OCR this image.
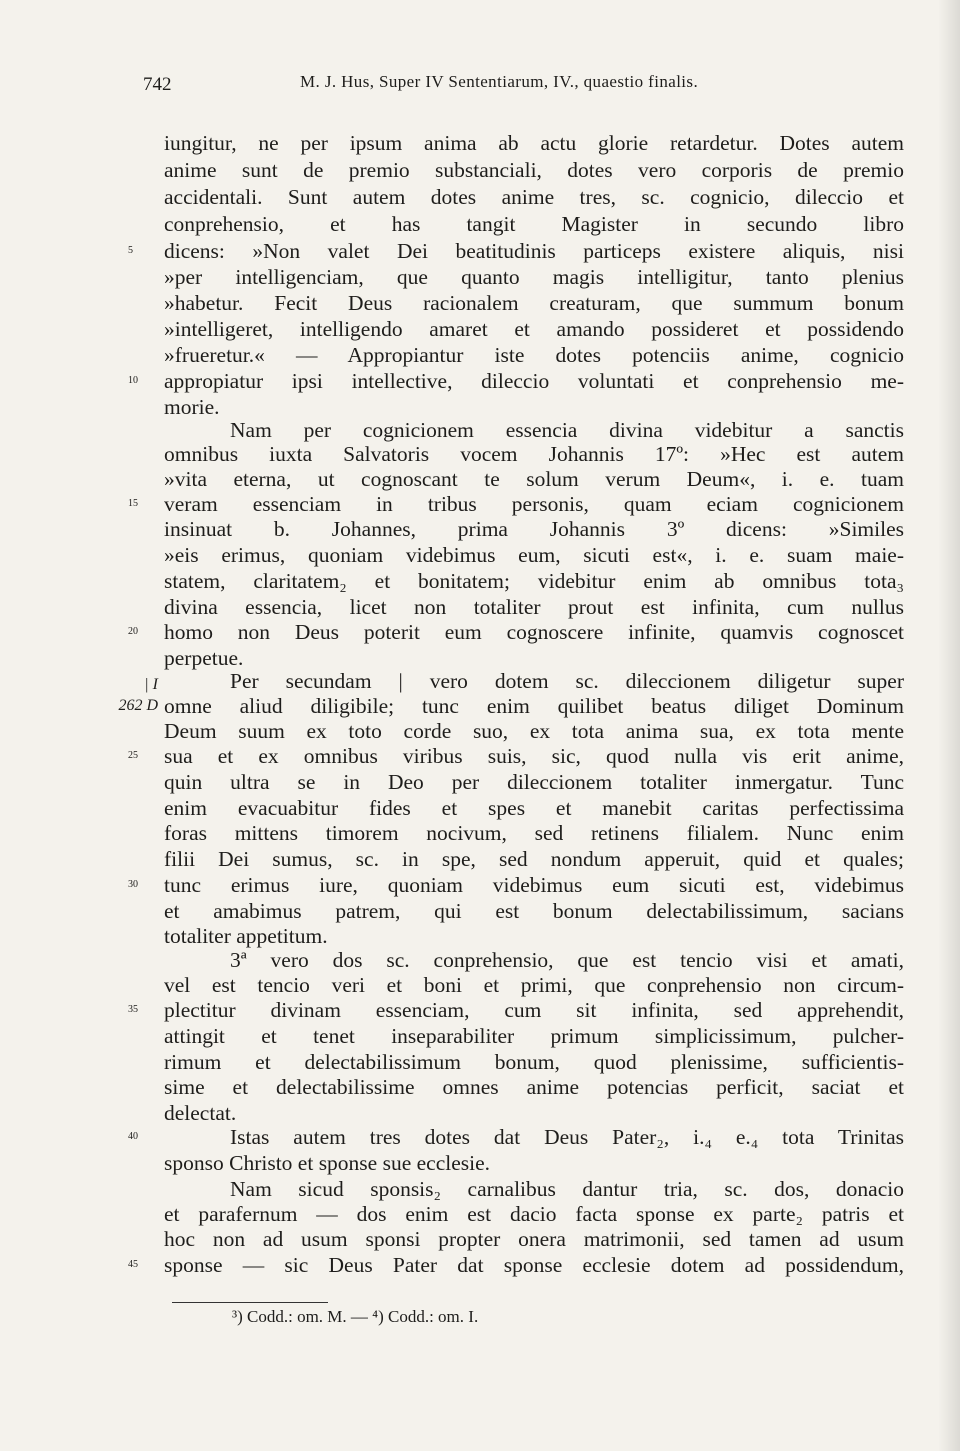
742	M. J. Hus, Super IV Sententiarum, IV., quaestio finalis.
iungitur, ne per ipsum anima ab actu glorie retardetur. Dotes autem
anime sunt de premio substanciali, dotes vero corporis de premio
accidentali. Sunt autem dotes anime tres, sc. cognicio, dileccio et
conprehensio, et has tangit Magister in secundo libro
dicens: »Non valet Dei beatitudinis particeps existere aliquis, nisi
»per intelligenciam, que quanto magis intelligitur, tanto plenius
»habetur. Fecit Deus racionalem creaturam, que summum bonum
»intelligeret, intelligendo amaret et amando possideret et possidendo
»frueretur.« — Appropiantur iste dotes potenciis anime, cognicio
appropiatur ipsi intellective, dileccio voluntati et conprehensio me-
morie.
Nam per cognicionem essencia divina videbitur a sanctis
omnibus iuxta Salvatoris vocem Johannis 17º: »Hec est autem
»vita eterna, ut cognoscant te solum verum Deum«, i. e. tuam
veram essenciam in tribus personis, quam eciam cognicionem
insinuat b. Johannes, prima Johannis 3º dicens: »Similes
»eis erimus, quoniam videbimus eum, sicuti est«, i. e. suam maie-
statem, claritatem₂ et bonitatem; videbitur enim ab omnibus tota₃
divina essencia, licet non totaliter prout est infinita, cum nullus
homo non Deus poterit eum cognoscere infinite, quamvis cognoscet
perpetue.
Per secundam | vero dotem sc. dileccionem diligetur super
omne aliud diligibile; tunc enim quilibet beatus diliget Dominum
Deum suum ex toto corde suo, ex tota anima sua, ex tota mente
sua et ex omnibus viribus suis, sic, quod nulla vis erit anime,
quin ultra se in Deo per dileccionem totaliter inmergatur. Tunc
enim evacuabitur fides et spes et manebit caritas perfectissima
foras mittens timorem nocivum, sed retinens filialem. Nunc enim
filii Dei sumus, sc. in spe, sed nondum apperuit, quid et quales;
tunc erimus iure, quoniam videbimus eum sicuti est, videbimus
et amabimus patrem, qui est bonum delectabilissimum, sacians
totaliter appetitum.
3ª vero dos sc. conprehensio, que est tencio visi et amati,
vel est tencio veri et boni et primi, que conprehensio non circum-
plectitur divinam essenciam, cum sit infinita, sed apprehendit,
attingit et tenet inseparabiliter primum simplicissimum, pulcher-
rimum et delectabilissimum bonum, quod plenissime, sufficientis-
sime et delectabilissime omnes anime potencias perficit, saciat et
delectat.
Istas autem tres dotes dat Deus Pater₂, i.₄ e.₄ tota Trinitas
sponso Christo et sponse sue ecclesie.
Nam sicud sponsis₂ carnalibus dantur tria, sc. dos, donacio
et parafernum — dos enim est dacio facta sponse ex parte₂ patris et
hoc non ad usum sponsi propter onera matrimonii, sed tamen ad usum
sponse — sic Deus Pater dat sponse ecclesie dotem ad possidendum,
5
10
15
20
25
30
35
40
45
| I
262 D
³) Codd.: om. M. — ⁴) Codd.: om. I.
